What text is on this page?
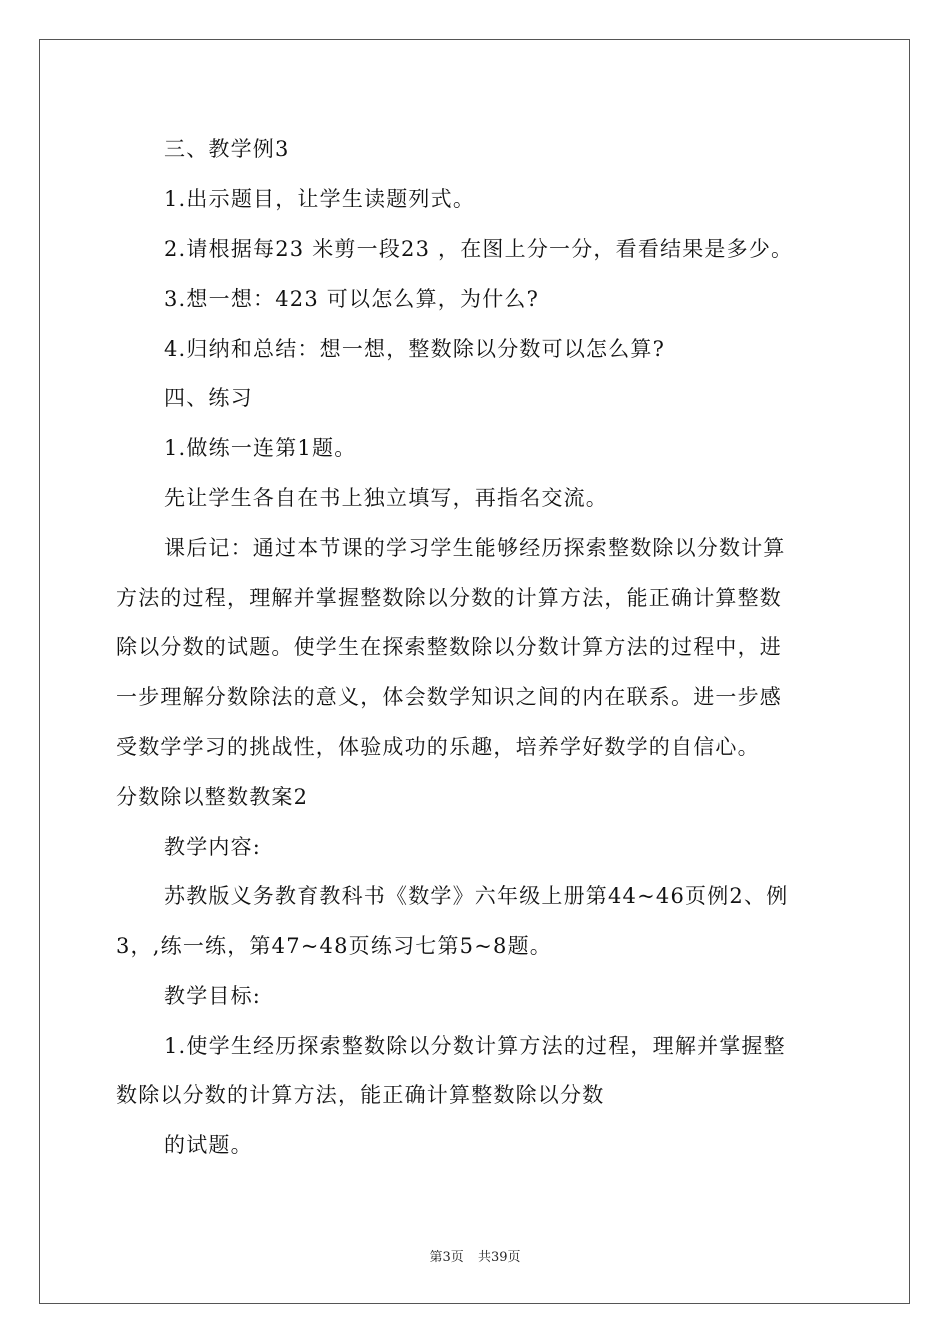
三、教学例3
1.出示题目，让学生读题列式。
2.请根据每23 米剪一段23 ，在图上分一分，看看结果是多少。
3.想一想：423 可以怎么算，为什么?
4.归纳和总结：想一想，整数除以分数可以怎么算?
四、练习
1.做练一连第1题。
先让学生各自在书上独立填写，再指名交流。
课后记：通过本节课的学习学生能够经历探索整数除以分数计算
方法的过程，理解并掌握整数除以分数的计算方法，能正确计算整数
除以分数的试题。使学生在探索整数除以分数计算方法的过程中，进
一步理解分数除法的意义，体会数学知识之间的内在联系。进一步感
受数学学习的挑战性，体验成功的乐趣，培养学好数学的自信心。
分数除以整数教案2
教学内容:
苏教版义务教育教科书《数学》六年级上册第44~46页例2、例
3，,练一练，第47~48页练习七第5~8题。
教学目标:
1.使学生经历探索整数除以分数计算方法的过程，理解并掌握整
数除以分数的计算方法，能正确计算整数除以分数
的试题。
第3页 共39页
